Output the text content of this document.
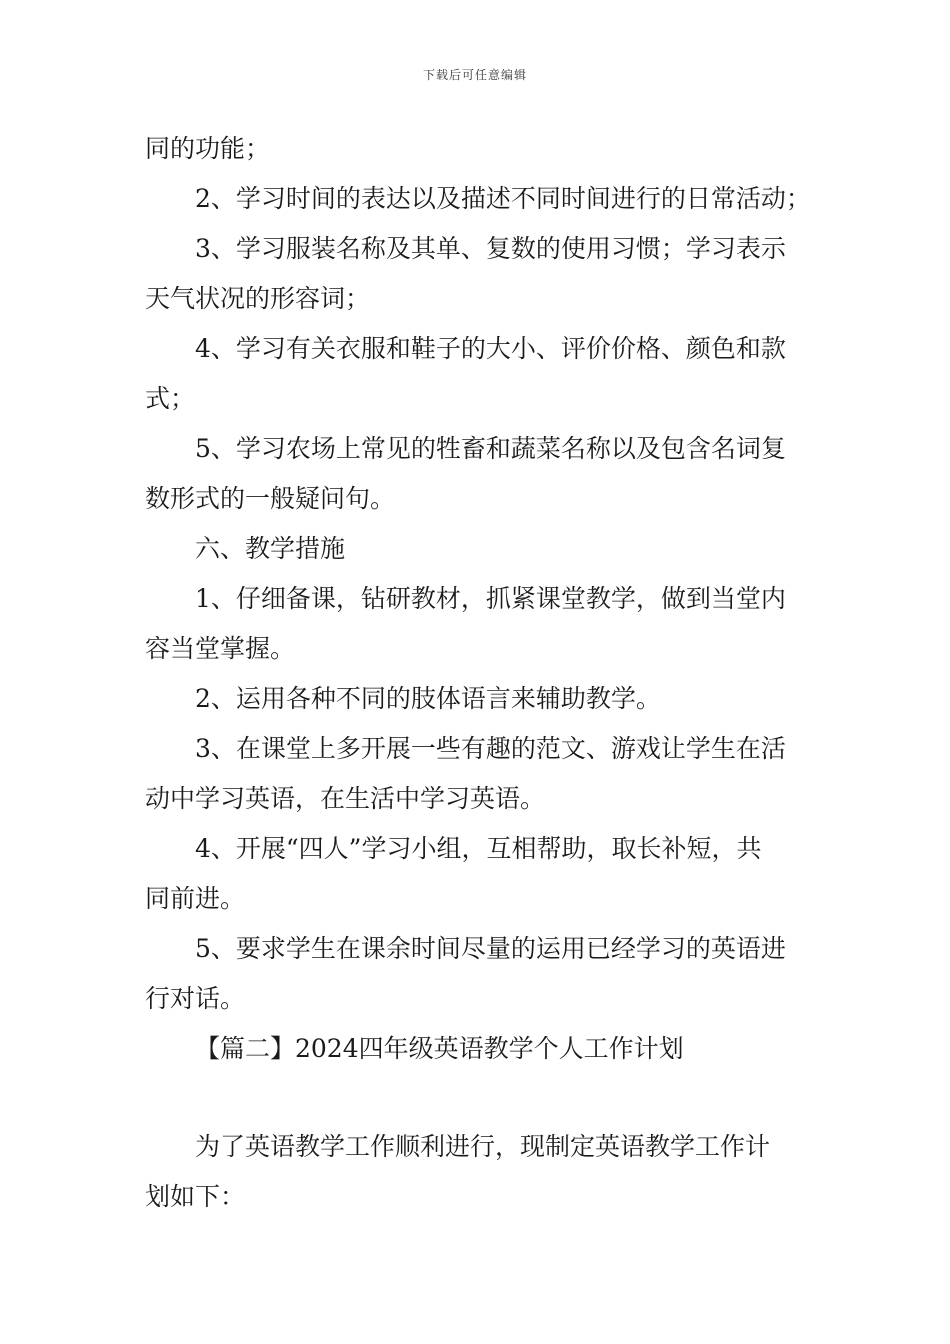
下载后可任意编辑
同的功能；
2、学习时间的表达以及描述不同时间进行的日常活动；
3、学习服装名称及其单、复数的使用习惯；学习表示
天气状况的形容词；
4、学习有关衣服和鞋子的大小、评价价格、颜色和款
式；
5、学习农场上常见的牲畜和蔬菜名称以及包含名词复
数形式的一般疑问句。
六、教学措施
1、仔细备课，钻研教材，抓紧课堂教学，做到当堂内
容当堂掌握。
2、运用各种不同的肢体语言来辅助教学。
3、在课堂上多开展一些有趣的范文、游戏让学生在活
动中学习英语，在生活中学习英语。
4、开展“四人”学习小组，互相帮助，取长补短，共
同前进。
5、要求学生在课余时间尽量的运用已经学习的英语进
行对话。
【篇二】2024四年级英语教学个人工作计划
为了英语教学工作顺利进行，现制定英语教学工作计
划如下：
